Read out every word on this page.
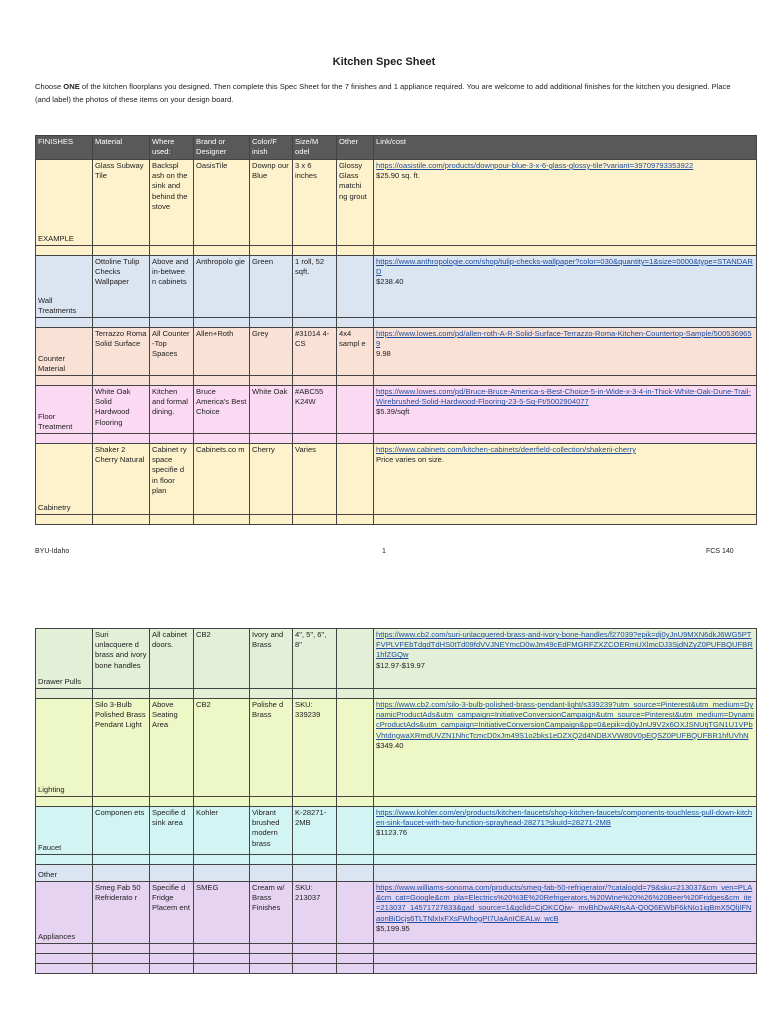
Kitchen Spec Sheet
Choose ONE of the kitchen floorplans you designed. Then complete this Spec Sheet for the 7 finishes and 1 appliance required. You are welcome to add additional finishes for the kitchen you designed. Place (and label) the photos of these items on your design board.
FINISHES	Material	Where used:	Brand or Designer	Color/F inish	Size/M odel	Other	Link/cost
EXAMPLE	Glass Subway Tile	Backspl ash on the sink and behind the stove	OasisTile	Downp our Blue	3 x 6 inches	Glossy Glass matchi ng grout	https://oasistile.com/products/downpour-blue-3-x-6-glass-glossy-tile?variant=39709793353922
$25.90 sq. ft.

Wall Treatments	Ottoline Tulip Checks Wallpaper	Above and in-betwee n cabinets	Anthropolo gie	Green	1 roll, 52 sqft.		https://www.anthropologie.com/shop/tulip-checks-wallpaper?color=030&quantity=1&size=0000&type=STANDARD
$238.40

Counter Material	Terrazzo Roma Solid Surface	All Counter -Top Spaces	Allen+Roth	Grey	#31014 4-CS	4x4 sampl e	https://www.lowes.com/pd/allen-roth-A-R-Solid-Surface-Terrazzo-Roma-Kitchen-Countertop-Sample/5005369659
9.98

Floor Treatment	White Oak Solid Hardwood Flooring	Kitchen and formal dining.	Bruce America's Best Choice	White Oak	#ABC55 K24W		https://www.lowes.com/pd/Bruce-Bruce-America-s-Best-Choice-5-in-Wide-x-3-4-in-Thick-White-Oak-Dune-Trail-Wirebrushed-Solid-Hardwood-Flooring-23-5-Sq-Ft/5002904077
$5.39/sqft

Cabinetry	Shaker 2 Cherry Natural	Cabinet ry space specifie d in floor plan	Cabinets.co m	Cherry	Varies		https://www.cabinets.com/kitchen-cabinets/deerfield-collection/shakerii-cherry
Price varies on size.

BYU-Idaho	1	FCS 140
Drawer Pulls	Suri unlacquere d brass and ivory bone handles	All cabinet doors.	CB2	Ivory and Brass	4", 5", 6", 8"		https://www.cb2.com/suri-unlacquered-brass-and-ivory-bone-handles/f27039?epik=dj0yJnU9MXN6dkJ6WG5PTFVPLVFEbTdqdTdHS0tTd09fdVVJNEYmcD0wJm49cEdFMGRFZXZCOERmUXlmcDJ3SjdNZyZ0PUFBQUFBR1hfZGQw
$12.97-$19.97

Lighting	Silo 3-Bulb Polished Brass Pendant Light	Above Seating Area	CB2	Polishe d Brass	SKU: 339239		https://www.cb2.com/silo-3-bulb-polished-brass-pendant-light/s339239?utm_source=Pinterest&utm_medium=DynamicProductAds&utm_campaign=InitiativeConversionCampaign&utm_source=Pinterest&utm_medium=DynamicProductAds&utm_campaign=InitiativeConversionCampaign&pp=0&epik=dj0yJnU9V2x6OXJSNUtjTGN1U1VPbVhtdngwaXRmdUVZN1NhcTcmcD0xJm49S1o2bks1eDZXQ2d4NDBXVW80V0pEQSZ0PUFBQUFBR1hfUVhN
$349.40

Faucet	Componen ets	Specifie d sink area	Kohler	Vibrant brushed modern brass	K-28271-2MB		https://www.kohler.com/en/products/kitchen-faucets/shop-kitchen-faucets/components-touchless-pull-down-kitchen-sink-faucet-with-two-function-sprayhead-28271?skuId=28271-2MB
$1123.76

Other							

Appliances	Smeg Fab 50 Refriderato r	Specifie d Fridge Placem ent	SMEG	Cream w/ Brass Finishes	SKU: 213037		https://www.williams-sonoma.com/products/smeg-fab-50-refrigerator/?catalogId=79&sku=213037&cm_ven=PLA&cm_cat=Google&cm_pla=Electrics%20%3E%20Refrigerators,%20Wine%20%26%20Beer%20Fridges&cm_ite=213037_14571727833&gad_source=1&gclid=CjOKCQjw-_mvBhDwARIsAA-Q0Q6EWbF6kNIo1iqBmX5QljIFNaonBiDcjs6TLTNlxIxFXsFWhogPI7UaAnICEALw_wcB
$5,199.95
